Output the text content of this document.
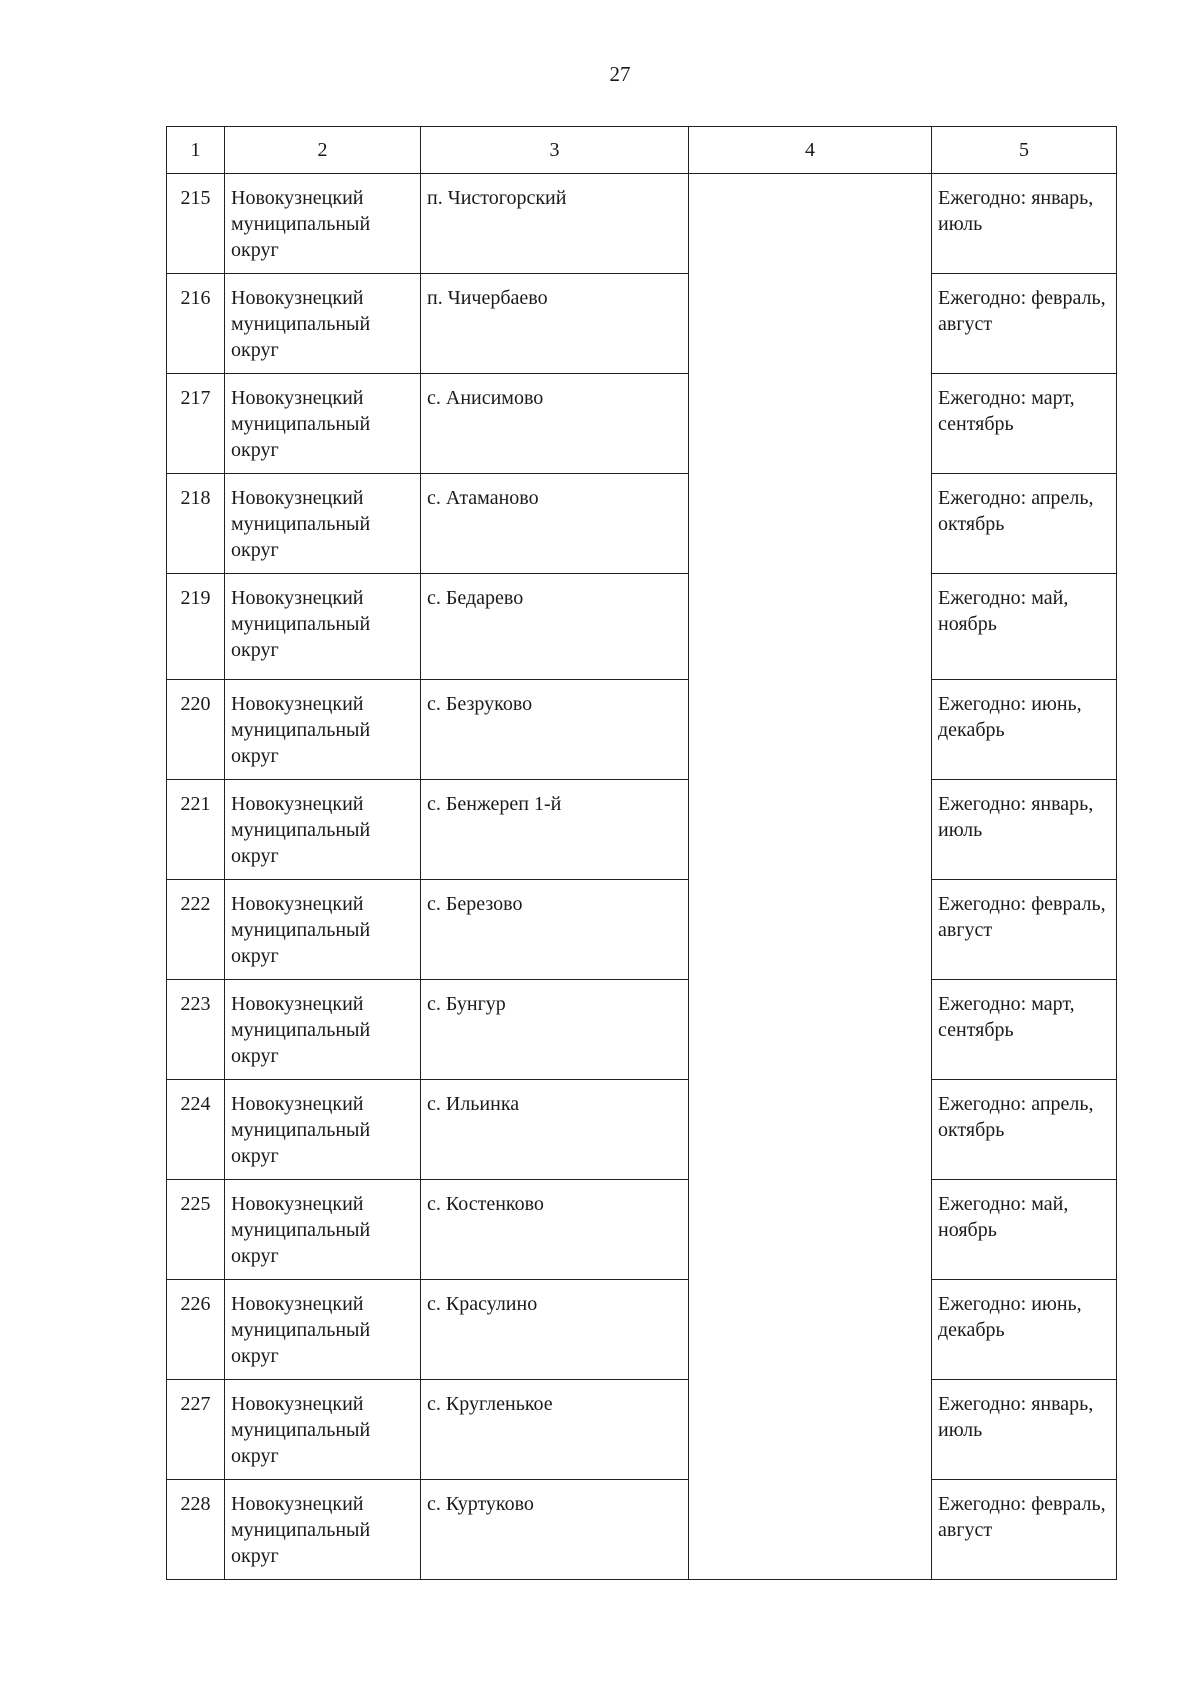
27
1	2	3	4	5
215	Новокузнецкий муниципальный округ	п. Чистогорский		Ежегодно: январь, июль
216	Новокузнецкий муниципальный округ	п. Чичербаево		Ежегодно: февраль, август
217	Новокузнецкий муниципальный округ	с. Анисимово		Ежегодно: март, сентябрь
218	Новокузнецкий муниципальный округ	с. Атаманово		Ежегодно: апрель, октябрь
219	Новокузнецкий муниципальный округ	с. Бедарево		Ежегодно: май, ноябрь
220	Новокузнецкий муниципальный округ	с. Безруково		Ежегодно: июнь, декабрь
221	Новокузнецкий муниципальный округ	с. Бенжереп 1-й		Ежегодно: январь, июль
222	Новокузнецкий муниципальный округ	с. Березово		Ежегодно: февраль, август
223	Новокузнецкий муниципальный округ	с. Бунгур		Ежегодно: март, сентябрь
224	Новокузнецкий муниципальный округ	с. Ильинка		Ежегодно: апрель, октябрь
225	Новокузнецкий муниципальный округ	с. Костенково		Ежегодно: май, ноябрь
226	Новокузнецкий муниципальный округ	с. Красулино		Ежегодно: июнь, декабрь
227	Новокузнецкий муниципальный округ	с. Кругленькое		Ежегодно: январь, июль
228	Новокузнецкий муниципальный округ	с. Куртуково		Ежегодно: февраль, август
